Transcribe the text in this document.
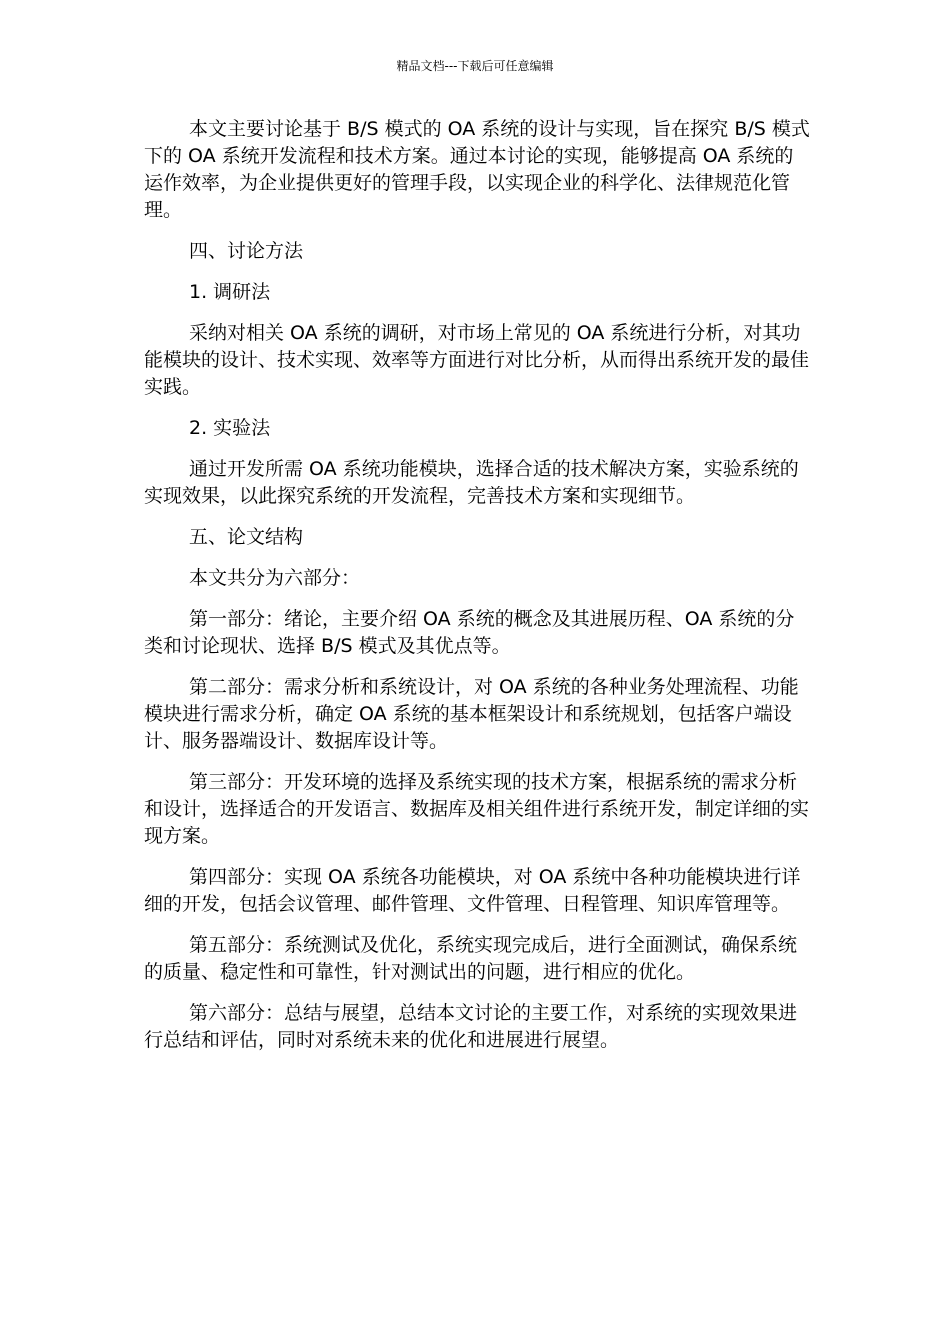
精品文档---下载后可任意编辑

本文主要讨论基于 B/S 模式的 OA 系统的设计与实现，旨在探究 B/S 模式下的 OA 系统开发流程和技术方案。通过本讨论的实现，能够提高 OA 系统的运作效率，为企业提供更好的管理手段，以实现企业的科学化、法律规范化管理。

四、讨论方法

1. 调研法

采纳对相关 OA 系统的调研，对市场上常见的 OA 系统进行分析，对其功能模块的设计、技术实现、效率等方面进行对比分析，从而得出系统开发的最佳实践。

2. 实验法

通过开发所需 OA 系统功能模块，选择合适的技术解决方案，实验系统的实现效果，以此探究系统的开发流程，完善技术方案和实现细节。

五、论文结构

本文共分为六部分：

第一部分：绪论，主要介绍 OA 系统的概念及其进展历程、OA 系统的分类和讨论现状、选择 B/S 模式及其优点等。

第二部分：需求分析和系统设计，对 OA 系统的各种业务处理流程、功能模块进行需求分析，确定 OA 系统的基本框架设计和系统规划，包括客户端设计、服务器端设计、数据库设计等。

第三部分：开发环境的选择及系统实现的技术方案，根据系统的需求分析和设计，选择适合的开发语言、数据库及相关组件进行系统开发，制定详细的实现方案。

第四部分：实现 OA 系统各功能模块，对 OA 系统中各种功能模块进行详细的开发，包括会议管理、邮件管理、文件管理、日程管理、知识库管理等。

第五部分：系统测试及优化，系统实现完成后，进行全面测试，确保系统的质量、稳定性和可靠性，针对测试出的问题，进行相应的优化。

第六部分：总结与展望，总结本文讨论的主要工作，对系统的实现效果进行总结和评估，同时对系统未来的优化和进展进行展望。
